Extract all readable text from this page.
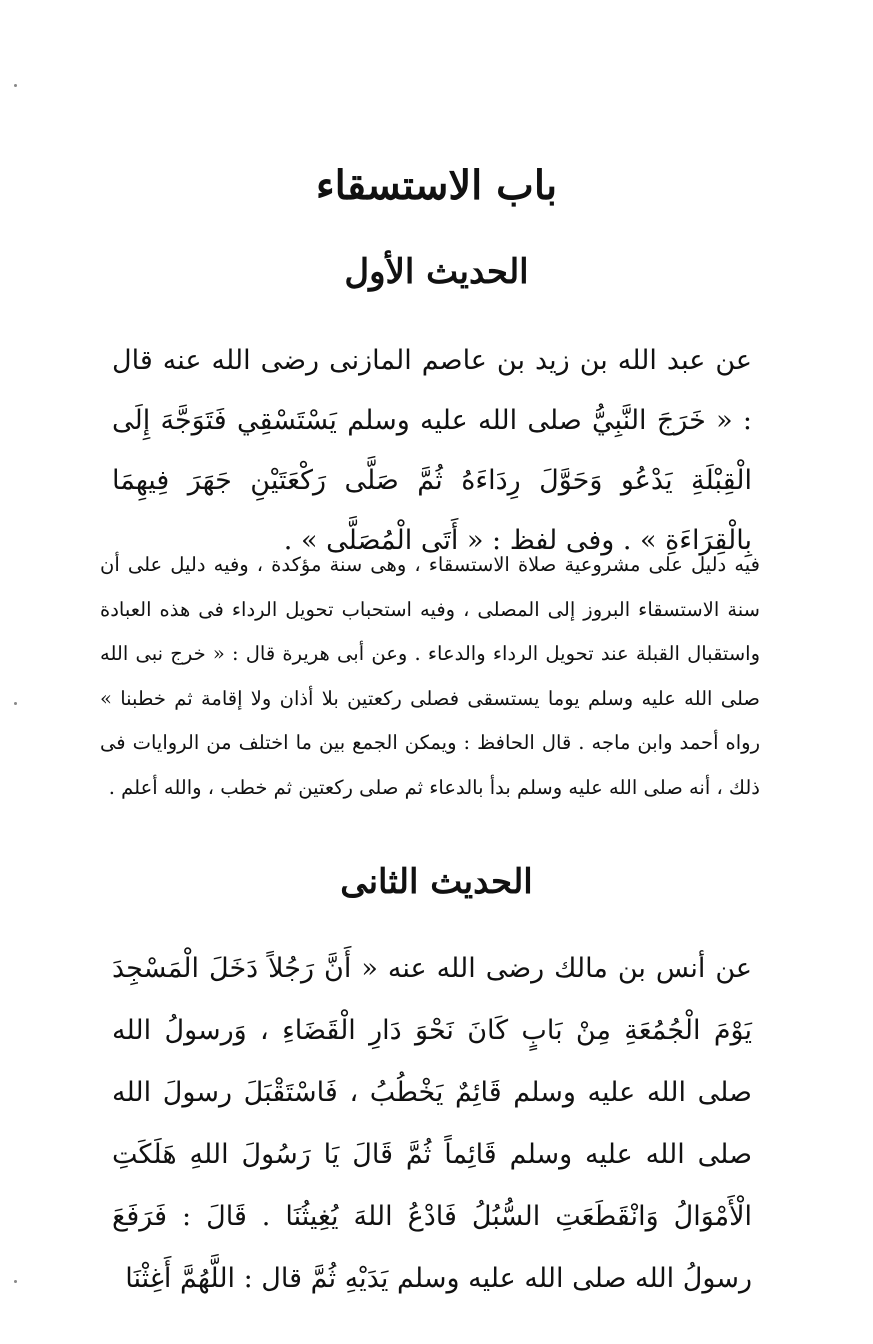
باب الاستسقاء
الحديث الأول
عن عبد الله بن زيد بن عاصم المازنى رضى الله عنه قال : « خَرَجَ النَّبِيُّ صلى الله عليه وسلم يَسْتَسْقِي فَتَوَجَّهَ إِلَى الْقِبْلَةِ يَدْعُو وَحَوَّلَ رِدَاءَهُ ثُمَّ صَلَّى رَكْعَتَيْنِ جَهَرَ فِيهِمَا بِالْقِرَاءَةِ » . وفى لفظ : « أَتَى الْمُصَلَّى » .
فيه دليل على مشروعية صلاة الاستسقاء ، وهى سنة مؤكدة ، وفيه دليل على أن سنة الاستسقاء البروز إلى المصلى ، وفيه استحباب تحويل الرداء فى هذه العبادة واستقبال القبلة عند تحويل الرداء والدعاء . وعن أبى هريرة قال : « خرج نبى الله صلى الله عليه وسلم يوما يستسقى فصلى ركعتين بلا أذان ولا إقامة ثم خطبنا » رواه أحمد وابن ماجه . قال الحافظ : ويمكن الجمع بين ما اختلف من الروايات فى ذلك ، أنه صلى الله عليه وسلم بدأ بالدعاء ثم صلى ركعتين ثم خطب ، والله أعلم .
الحديث الثانى
عن أنس بن مالك رضى الله عنه « أَنَّ رَجُلاً دَخَلَ الْمَسْجِدَ يَوْمَ الْجُمُعَةِ مِنْ بَابٍ كَانَ نَحْوَ دَارِ الْقَضَاءِ ، وَرسولُ الله صلى الله عليه وسلم قَائِمٌ يَخْطُبُ ، فَاسْتَقْبَلَ رسولَ الله صلى الله عليه وسلم قَائِماً ثُمَّ قَالَ يَا رَسُولَ اللهِ هَلَكَتِ الْأَمْوَالُ وَانْقَطَعَتِ السُّبُلُ فَادْعُ اللهَ يُغِيثُنَا . قَالَ : فَرَفَعَ رسولُ الله صلى الله عليه وسلم يَدَيْهِ ثُمَّ قال : اللَّهُمَّ أَغِثْنَا
